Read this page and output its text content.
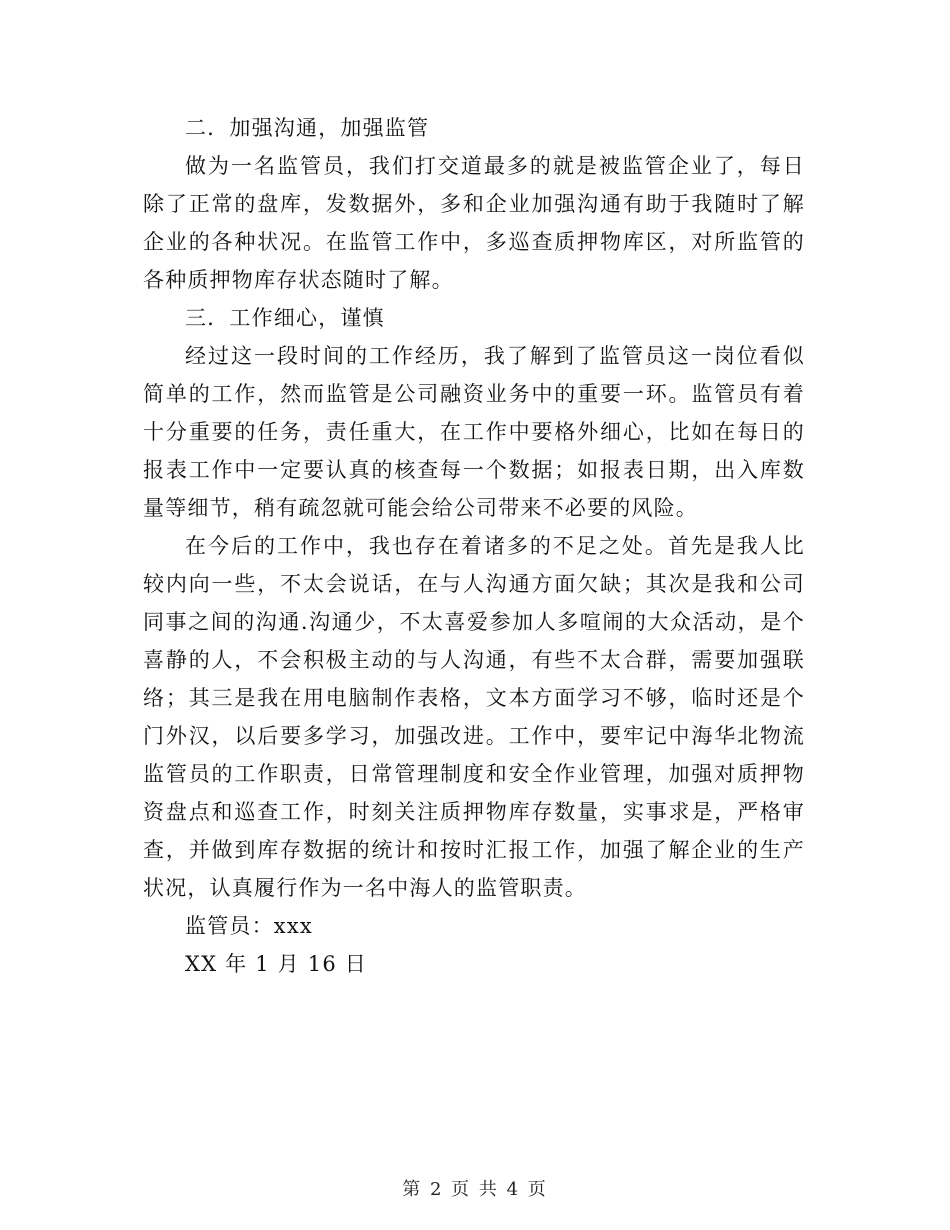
二．加强沟通，加强监管

做为一名监管员，我们打交道最多的就是被监管企业了，每日除了正常的盘库，发数据外，多和企业加强沟通有助于我随时了解企业的各种状况。在监管工作中，多巡查质押物库区，对所监管的各种质押物库存状态随时了解。

三．工作细心，谨慎

经过这一段时间的工作经历，我了解到了监管员这一岗位看似简单的工作，然而监管是公司融资业务中的重要一环。监管员有着十分重要的任务，责任重大，在工作中要格外细心，比如在每日的报表工作中一定要认真的核查每一个数据；如报表日期，出入库数量等细节，稍有疏忽就可能会给公司带来不必要的风险。

在今后的工作中，我也存在着诸多的不足之处。首先是我人比较内向一些，不太会说话，在与人沟通方面欠缺；其次是我和公司同事之间的沟通.沟通少，不太喜爱参加人多喧闹的大众活动，是个喜静的人，不会积极主动的与人沟通，有些不太合群，需要加强联络；其三是我在用电脑制作表格，文本方面学习不够，临时还是个门外汉，以后要多学习，加强改进。工作中，要牢记中海华北物流监管员的工作职责，日常管理制度和安全作业管理，加强对质押物资盘点和巡查工作，时刻关注质押物库存数量，实事求是，严格审查，并做到库存数据的统计和按时汇报工作，加强了解企业的生产状况，认真履行作为一名中海人的监管职责。

监管员：xxx

XX 年 1 月 16 日

第 2 页 共 4 页
